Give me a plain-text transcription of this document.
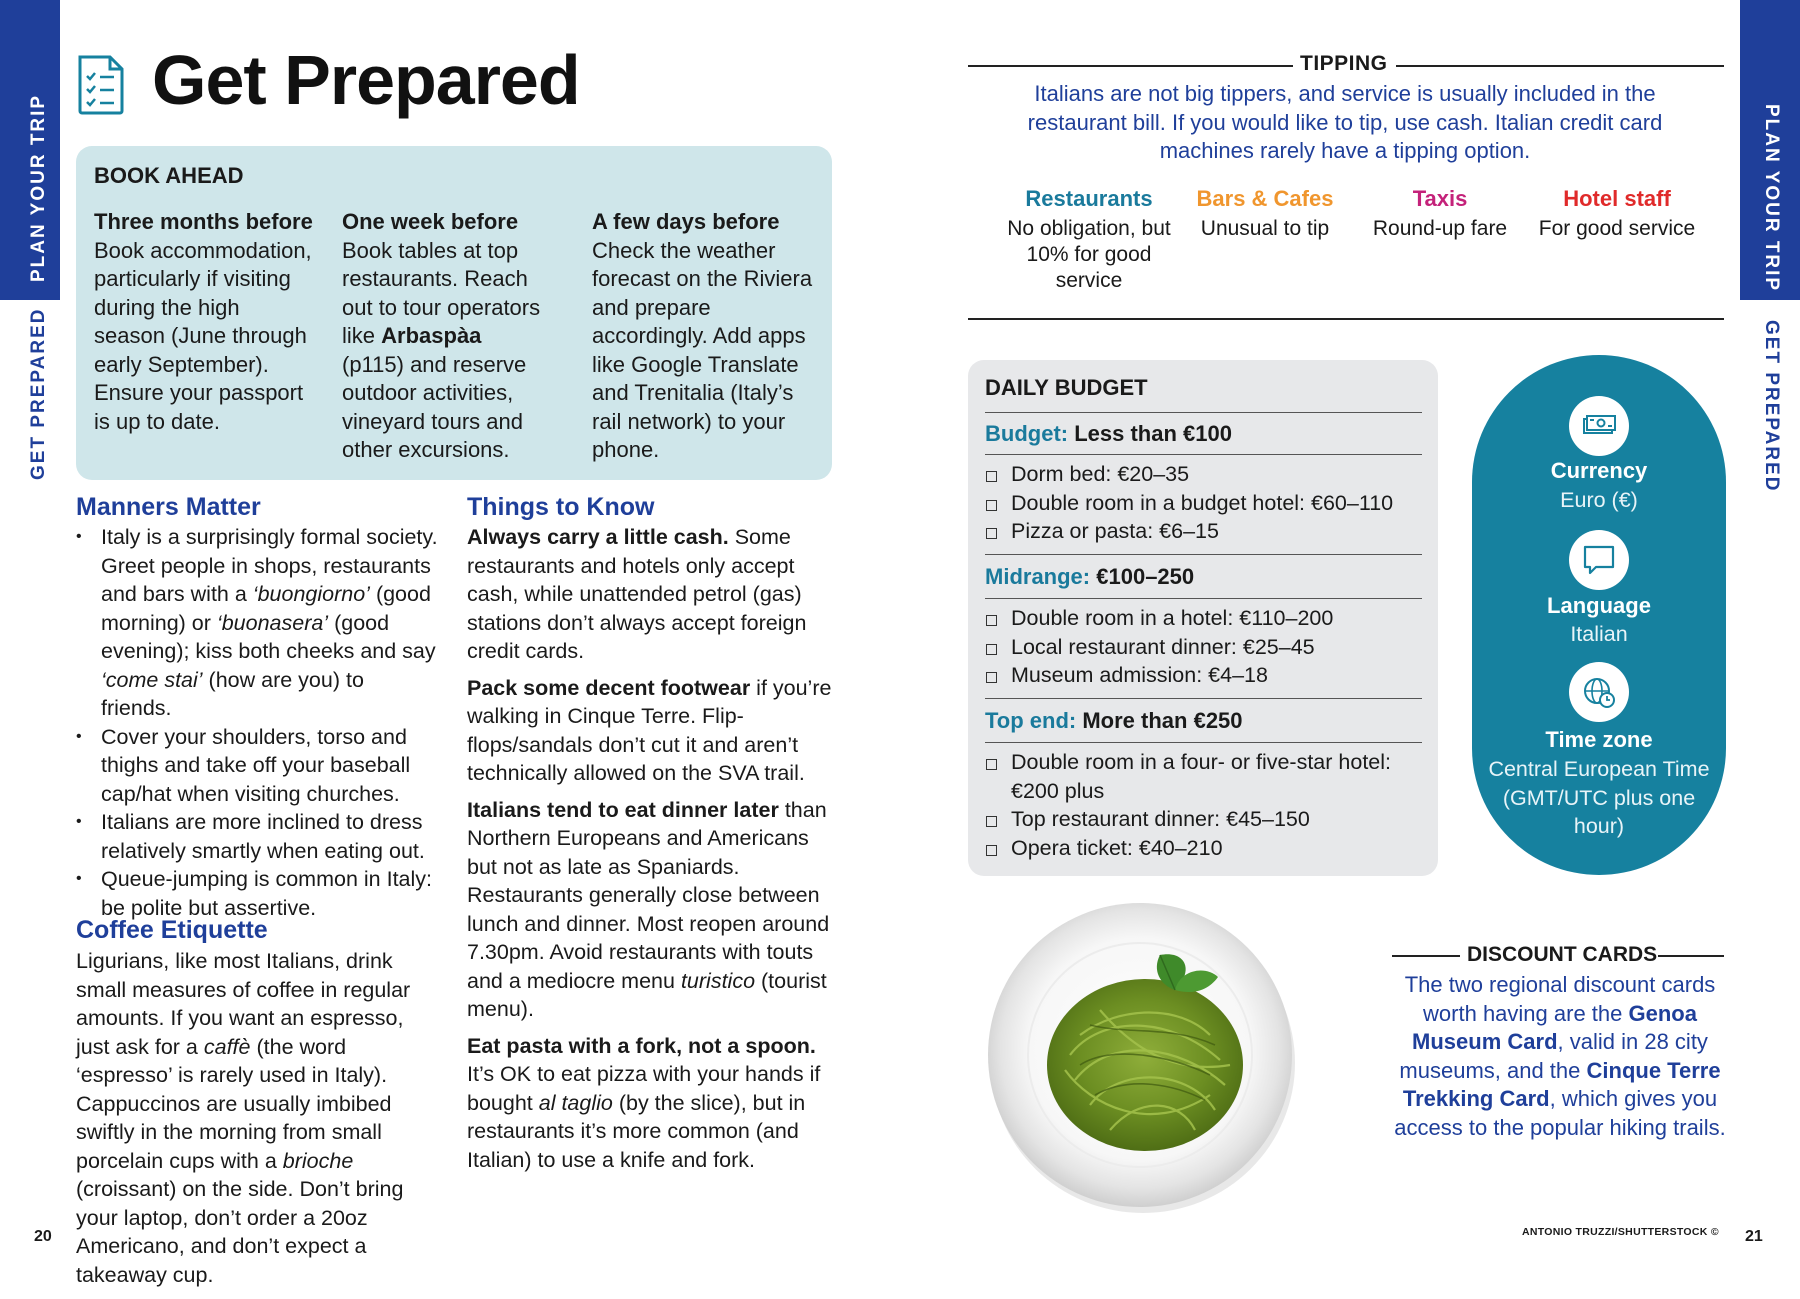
PLAN YOUR TRIP
GET PREPARED
PLAN YOUR TRIP
GET PREPARED
20	21
Get Prepared
BOOK AHEAD
Three months before
Book accommodation, particularly if visiting during the high season (June through early September). Ensure your passport is up to date.
One week before
Book tables at top restaurants. Reach out to tour operators like Arbaspàa (p115) and reserve outdoor activities, vineyard tours and other excursions.
A few days before
Check the weather forecast on the Riviera and prepare accordingly. Add apps like Google Translate and Trenitalia (Italy’s rail network) to your phone.
Manners Matter
• Italy is a surprisingly formal society. Greet people in shops, restaurants and bars with a ‘buongiorno’ (good morning) or ‘buonasera’ (good evening); kiss both cheeks and say ‘come stai’ (how are you) to friends.
• Cover your shoulders, torso and thighs and take off your baseball cap/hat when visiting churches.
• Italians are more inclined to dress relatively smartly when eating out.
• Queue-jumping is common in Italy: be polite but assertive.
Coffee Etiquette
Ligurians, like most Italians, drink small measures of coffee in regular amounts. If you want an espresso, just ask for a caffè (the word ‘espresso’ is rarely used in Italy). Cappuccinos are usually imbibed swiftly in the morning from small porcelain cups with a brioche (croissant) on the side. Don’t bring your laptop, don’t order a 20oz Americano, and don’t expect a takeaway cup.
Things to Know

Always carry a little cash. Some restaurants and hotels only accept cash, while unattended petrol (gas) stations don’t always accept foreign credit cards.

Pack some decent footwear if you’re walking in Cinque Terre. Flip-flops/sandals don’t cut it and aren’t technically allowed on the SVA trail.

Italians tend to eat dinner later than Northern Europeans and Americans but not as late as Spaniards. Restaurants generally close between lunch and dinner. Most reopen around 7.30pm. Avoid restaurants with touts and a mediocre menu turistico (tourist menu).

Eat pasta with a fork, not a spoon. It’s OK to eat pizza with your hands if bought al taglio (by the slice), but in restaurants it’s more common (and Italian) to use a knife and fork.

TIPPING
Italians are not big tippers, and service is usually included in the restaurant bill. If you would like to tip, use cash. Italian credit card machines rarely have a tipping option.
Restaurants
No obligation, but 10% for good service
Bars & Cafes
Unusual to tip
Taxis
Round-up fare
Hotel staff
For good service
DAILY BUDGET
Budget: Less than €100
Dorm bed: €20–35
Double room in a budget hotel: €60–110
Pizza or pasta: €6–15
Midrange: €100–250
Double room in a hotel: €110–200
Local restaurant dinner: €25–45
Museum admission: €4–18
Top end: More than €250
Double room in a four- or five-star hotel: €200 plus
Top restaurant dinner: €45–150
Opera ticket: €40–210
Currency
Euro (€)
Language
Italian
Time zone
Central European Time (GMT/UTC plus one hour)
DISCOUNT CARDS
The two regional discount cards worth having are the Genoa Museum Card, valid in 28 city museums, and the Cinque Terre Trekking Card, which gives you access to the popular hiking trails.
ANTONIO TRUZZI/SHUTTERSTOCK ©
